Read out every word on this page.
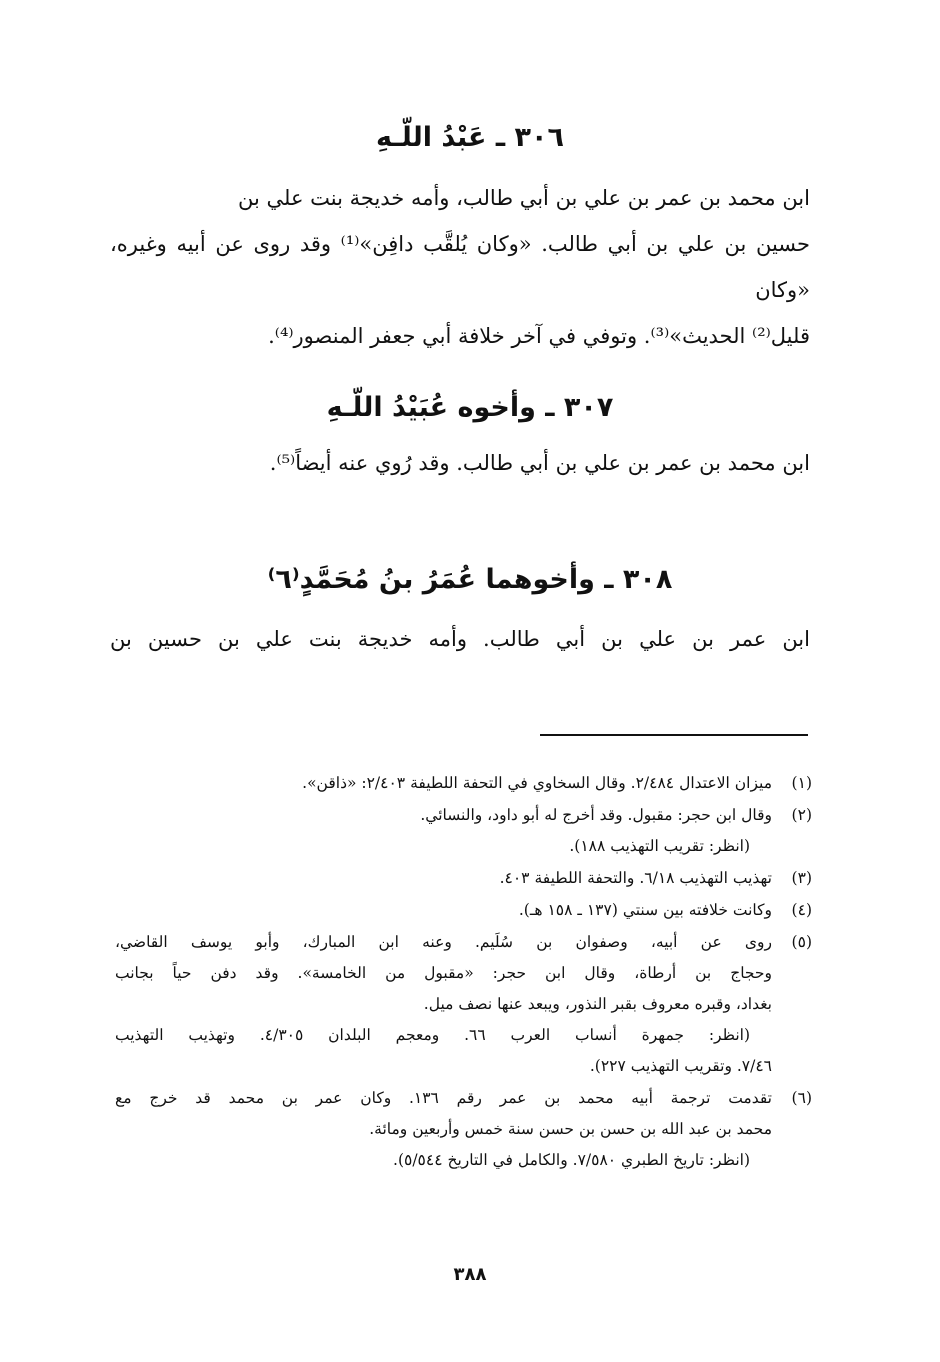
٣٠٦ ـ عَبْدُ اللّـهِ
ابن محمد بن عمر بن علي بن أبي طالب، وأمه خديجة بنت علي بن
حسين بن علي بن أبي طالب. «وكان يُلقَّب دافِن»⁽¹⁾ وقد روى عن أبيه وغيره، «وكان
قليل⁽²⁾ الحديث»⁽³⁾. وتوفي في آخر خلافة أبي جعفر المنصور⁽⁴⁾.
٣٠٧ ـ وأخوه عُبَيْدُ اللّـهِ
ابن محمد بن عمر بن علي بن أبي طالب. وقد رُوي عنه أيضاً⁽⁵⁾.
٣٠٨ ـ وأخوهما عُمَرُ بنُ مُحَمَّدٍ⁽٦⁾
ابن عمر بن علي بن أبي طالب. وأمه خديجة بنت علي بن حسين بن
(١)
ميزان الاعتدال ٢/٤٨٤. وقال السخاوي في التحفة اللطيفة ٢/٤٠٣: «ذاقن».
(٢)
وقال ابن حجر: مقبول. وقد أخرج له أبو داود، والنسائي.
(انظر: تقريب التهذيب ١٨٨).
(٣)
تهذيب التهذيب ٦/١٨. والتحفة اللطيفة ٤٠٣.
(٤)
وكانت خلافته بين سنتي (١٣٧ ـ ١٥٨ هـ).
(٥)
روى عن أبيه، وصفوان بن سُلَيم. وعنه ابن المبارك، وأبو يوسف القاضي،
وحجاج بن أرطاة، وقال ابن حجر: «مقبول من الخامسة». وقد دفن حياً بجانب
بغداد، وقبره معروف بقبر النذور، ويبعد عنها نصف ميل.
(انظر: جمهرة أنساب العرب ٦٦. ومعجم البلدان ٤/٣٠٥. وتهذيب التهذيب
٧/٤٦. وتقريب التهذيب ٢٢٧).
(٦)
تقدمت ترجمة أبيه محمد بن عمر رقم ١٣٦. وكان عمر بن محمد قد خرج مع
محمد بن عبد الله بن حسن بن حسن سنة خمس وأربعين ومائة.
(انظر: تاريخ الطبري ٧/٥٨٠. والكامل في التاريخ ٥/٥٤٤).
٣٨٨
